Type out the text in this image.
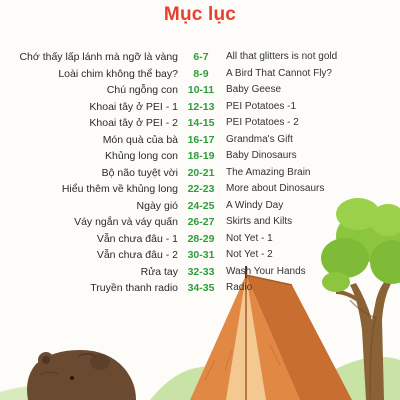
Mục lục
Chớ thấy lấp lánh mà ngỡ là vàng	6-7	All that glitters is not gold
Loài chim không thể bay?	8-9	A Bird That Cannot Fly?
Chú ngỗng con 10-11	Baby Geese
Khoai tây ở PEI - 1 12-13	PEI Potatoes -1
Khoai tây ở PEI - 2 14-15	PEI Potatoes - 2
Món quà của bà 16-17	Grandma's Gift
Khủng long con 18-19	Baby Dinosaurs
Bộ não tuyệt vời 20-21	The Amazing Brain
Hiểu thêm về khủng long 22-23	More about Dinosaurs
Ngày gió 24-25	A Windy Day
Váy ngắn và váy quấn 26-27	Skirts and Kilts
Vẫn chưa đâu - 1 28-29	Not Yet - 1
Vẫn chưa đâu - 2 30-31	Not Yet - 2
Rửa tay 32-33	Wash Your Hands
Truyền thanh radio 34-35	Radio
